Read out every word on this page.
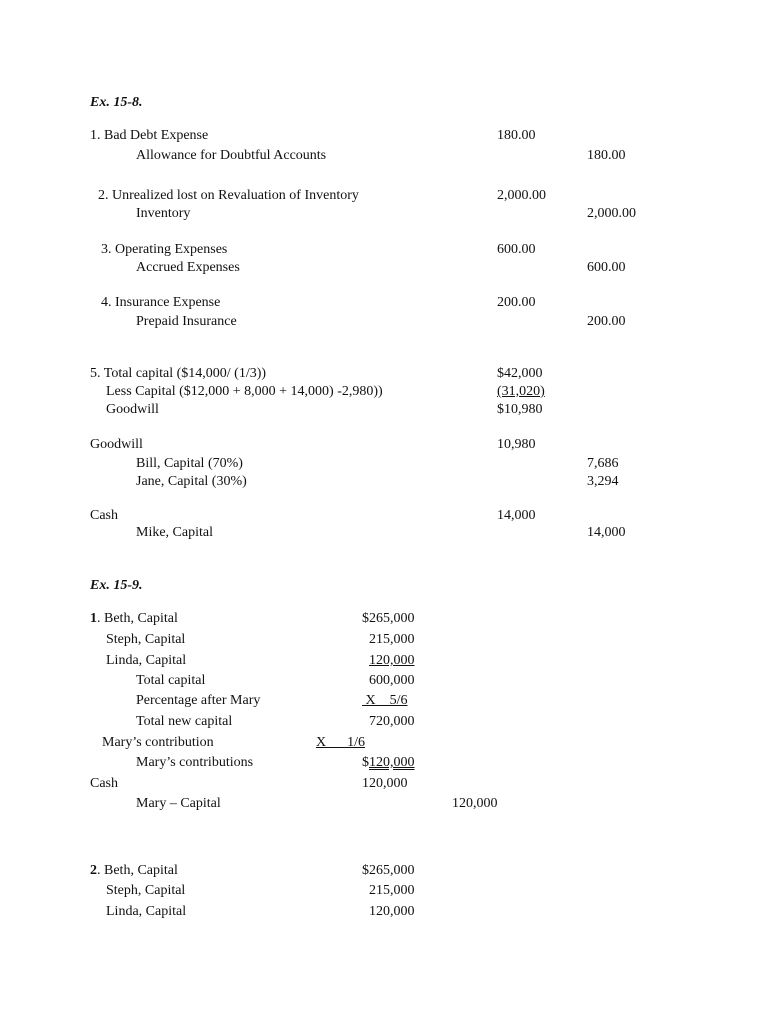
Ex. 15-8.
1. Bad Debt Expense	180.00
Allowance for Doubtful Accounts	180.00
2. Unrealized lost on Revaluation of Inventory	2,000.00
Inventory	2,000.00
3. Operating Expenses	600.00
Accrued Expenses	600.00
4. Insurance Expense	200.00
Prepaid Insurance	200.00
5. Total capital ($14,000/ (1/3))	$42,000
Less Capital ($12,000 + 8,000 + 14,000) -2,980))	(31,020)
Goodwill	$10,980
Goodwill	10,980
Bill, Capital (70%)	7,686
Jane, Capital (30%)	3,294
Cash	14,000
Mike, Capital	14,000
Ex. 15-9.
1. Beth, Capital	$265,000
Steph, Capital	215,000
Linda, Capital	120,000
Total capital	600,000
Percentage after Mary	X    5/6
Total new capital	720,000
Mary’s contribution	X      1/6
Mary’s contributions	$120,000
Cash	120,000
Mary – Capital	120,000
2. Beth, Capital	$265,000
Steph, Capital	215,000
Linda, Capital	120,000
